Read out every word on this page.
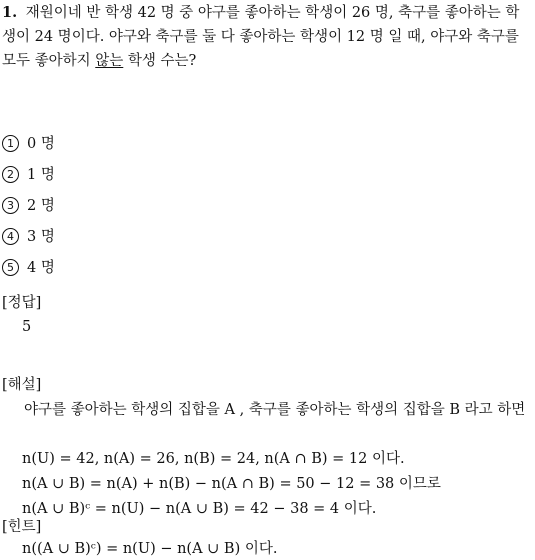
1. 재원이네 반 학생 42 명 중 야구를 좋아하는 학생이 26 명, 축구를 좋아하는 학생이 24 명이다. 야구와 축구를 둘 다 좋아하는 학생이 12 명 일 때, 야구와 축구를 모두 좋아하지 않는 학생 수는?
1 0 명
2 1 명
3 2 명
4 3 명
5 4 명
[정답]
5
[해설]
야구를 좋아하는 학생의 집합을 A , 축구를 좋아하는 학생의 집합을 B 라고 하면
n(U) = 42, n(A) = 26, n(B) = 24, n(A ∩ B) = 12 이다.
n(A ∪ B) = n(A) + n(B) − n(A ∩ B) = 50 − 12 = 38 이므로
n(A ∪ B)ᶜ = n(U) − n(A ∪ B) = 42 − 38 = 4 이다.
[힌트]
n((A ∪ B)ᶜ) = n(U) − n(A ∪ B) 이다.
